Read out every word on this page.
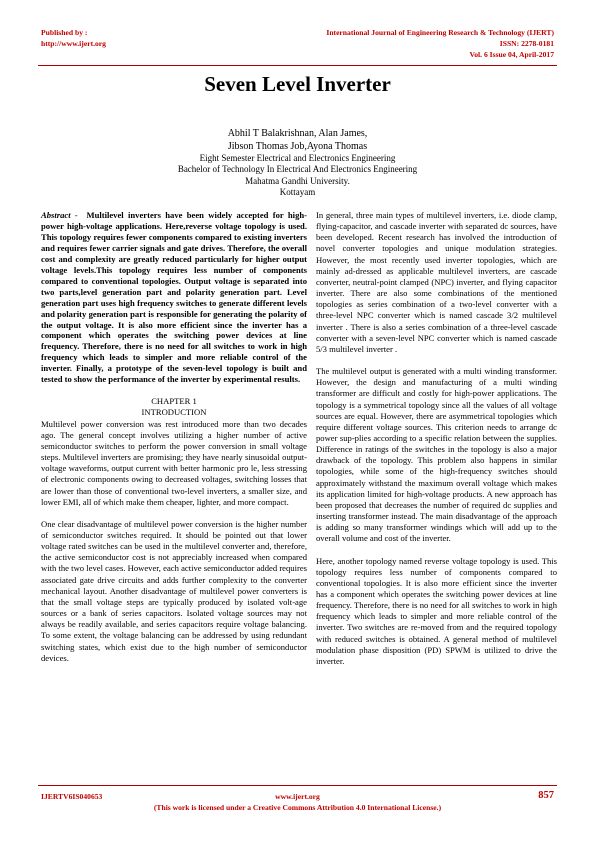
Published by :
http://www.ijert.org
International Journal of Engineering Research & Technology (IJERT)
ISSN: 2278-0181
Vol. 6 Issue 04, April-2017
Seven Level Inverter
Abhil T Balakrishnan, Alan James,
Jibson Thomas Job,Ayona Thomas
Eight Semester Electrical and Electronics Engineering
Bachelor of Technology In Electrical And Electronics Engineering
Mahatma Gandhi University.
Kottayam

Abstract - Multilevel inverters have been widely accepted for high-power high-voltage applications. Here,reverse voltage topology is used. This topology requires fewer components compared to existing inverters and requires fewer carrier signals and gate drives. Therefore, the overall cost and complexity are greatly reduced particularly for higher output voltage levels.This topology requires less number of components compared to conventional topologies. Output voltage is separated into two parts,level generation part and polarity generation part. Level generation part uses high frequency switches to generate different levels and polarity generation part is responsible for generating the polarity of the output voltage. It is also more efficient since the inverter has a component which operates the switching power devices at line frequency. Therefore, there is no need for all switches to work in high frequency which leads to simpler and more reliable control of the inverter. Finally, a prototype of the seven-level topology is built and tested to show the performance of the inverter by experimental results.

CHAPTER 1

INTRODUCTION

Multilevel power conversion was rest introduced more than two decades ago. The general concept involves utilizing a higher number of active semiconductor switches to perform the power conversion in small voltage steps. Multilevel inverters are promising; they have nearly sinusoidal output-voltage waveforms, output current with better harmonic pro le, less stressing of electronic components owing to decreased voltages, switching losses that are lower than those of conventional two-level inverters, a smaller size, and lower EMI, all of which make them cheaper, lighter, and more compact.

One clear disadvantage of multilevel power conversion is the higher number of semiconductor switches required. It should be pointed out that lower voltage rated switches can be used in the multilevel converter and, therefore, the active semiconductor cost is not appreciably increased when compared with the two level cases. However, each active semiconductor added requires associated gate drive circuits and adds further complexity to the converter mechanical layout. Another disadvantage of multilevel power converters is that the small voltage steps are typically produced by isolated volt-age sources or a bank of series capacitors. Isolated voltage sources may not always be readily available, and series capacitors require voltage balancing. To some extent, the voltage balancing can be addressed by using redundant switching states, which exist due to the high number of semiconductor devices.

In general, three main types of multilevel inverters, i.e. diode clamp, flying-capacitor, and cascade inverter with separated dc sources, have been developed. Recent research has involved the introduction of novel converter topologies and unique modulation strategies. However, the most recently used inverter topologies, which are mainly ad-dressed as applicable multilevel inverters, are cascade converter, neutral-point clamped (NPC) inverter, and flying capacitor inverter. There are also some combinations of the mentioned topologies as series combination of a two-level converter with a three-level NPC converter which is named cascade 3/2 multilevel inverter . There is also a series combination of a three-level cascade converter with a seven-level NPC converter which is named cascade 5/3 multilevel inverter .

The multilevel output is generated with a multi winding transformer. However, the design and manufacturing of a multi winding transformer are difficult and costly for high-power applications. The topology is a symmetrical topology since all the values of all voltage sources are equal. However, there are asymmetrical topologies which require different voltage sources. This criterion needs to arrange dc power sup-plies according to a specific relation between the supplies. Difference in ratings of the switches in the topology is also a major drawback of the topology. This problem also happens in similar topologies, while some of the high-frequency switches should approximately withstand the maximum overall voltage which makes its application limited for high-voltage products. A new approach has been proposed that decreases the number of required dc supplies and inserting transformer instead. The main disadvantage of the approach is adding so many transformer windings which will add up to the overall volume and cost of the inverter.

Here, another topology named reverse voltage topology is used. This topology requires less number of components compared to conventional topologies. It is also more efficient since the inverter has a component which operates the switching power devices at line frequency. Therefore, there is no need for all switches to work in high frequency which leads to simpler and more reliable control of the inverter. Two switches are re-moved from and the required topology with reduced switches is obtained. A general method of multilevel modulation phase disposition (PD) SPWM is utilized to drive the inverter.

IJERTV6IS040653	www.ijert.org
(This work is licensed under a Creative Commons Attribution 4.0 International License.)
857
